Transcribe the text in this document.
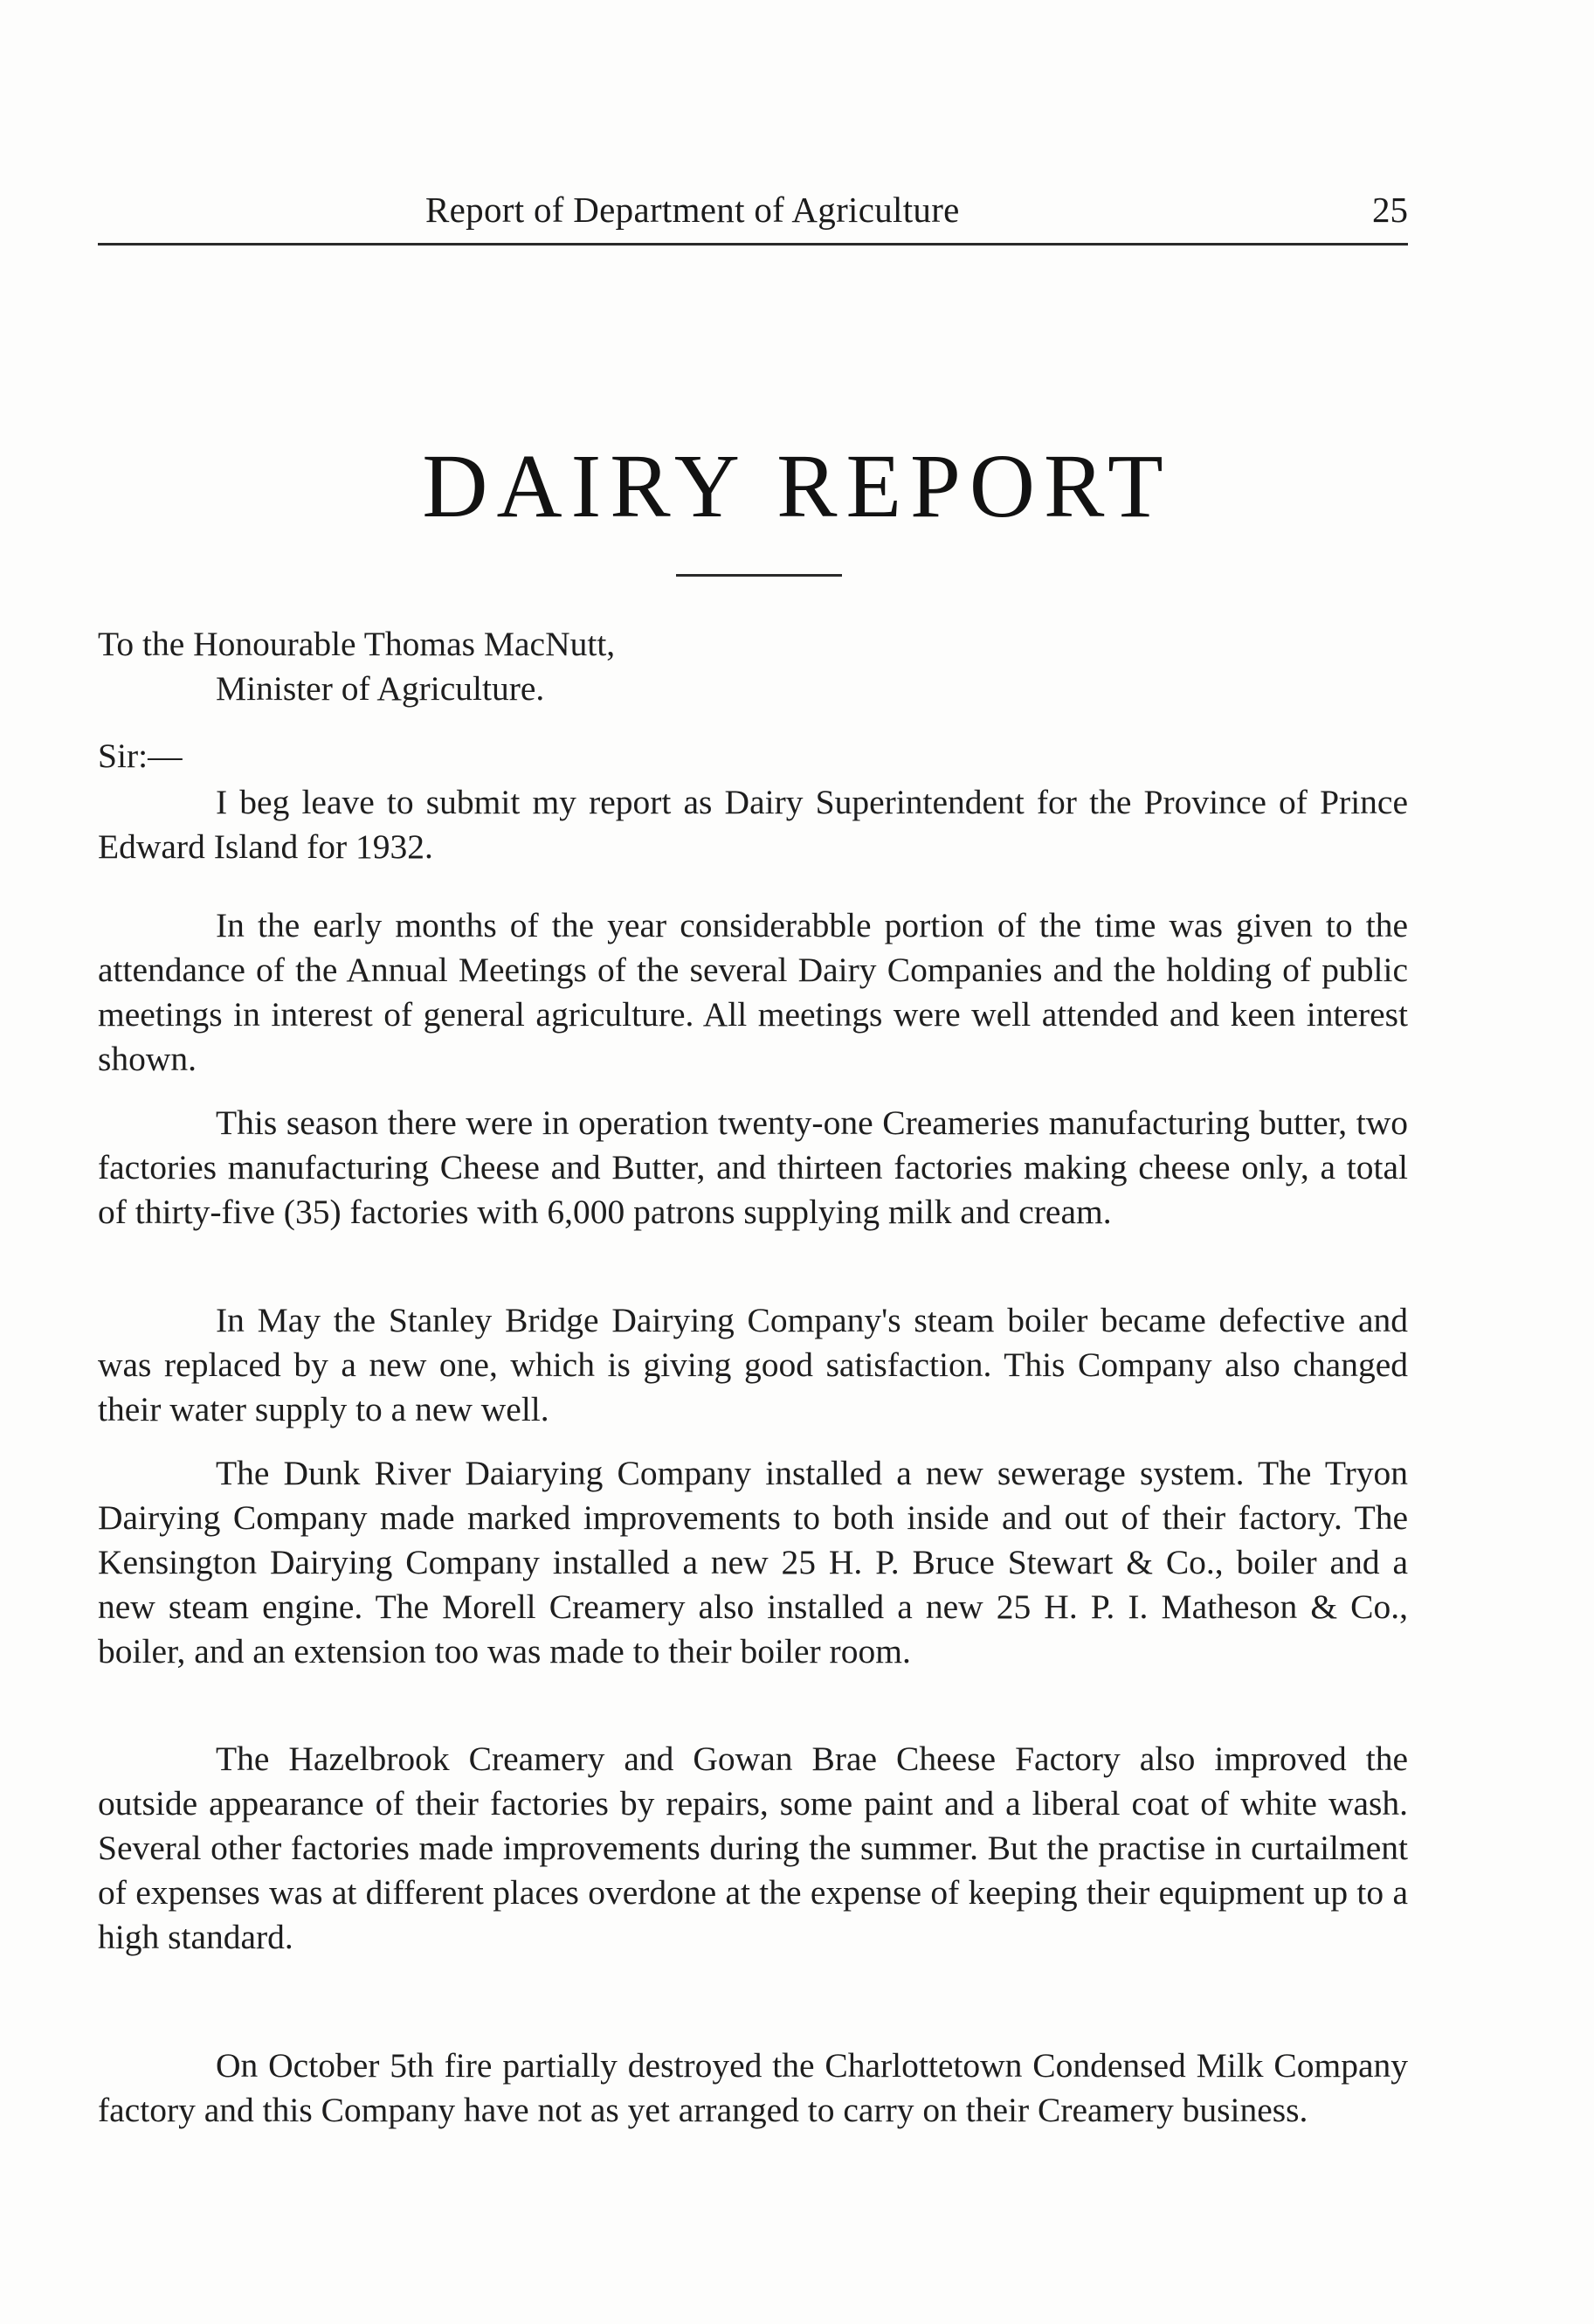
Report of Department of Agriculture	25
DAIRY REPORT
To the Honourable Thomas MacNutt,
Minister of Agriculture.
Sir:—

I beg leave to submit my report as Dairy Superintendent for the Province of Prince Edward Island for 1932.

In the early months of the year considerabble portion of the time was given to the attendance of the Annual Meetings of the several Dairy Companies and the holding of public meetings in interest of general agriculture. All meetings were well attended and keen interest shown.

This season there were in operation twenty-one Creameries manufacturing butter, two factories manufacturing Cheese and Butter, and thirteen factories making cheese only, a total of thirty-five (35) factories with 6,000 patrons supplying milk and cream.

In May the Stanley Bridge Dairying Company's steam boiler became defective and was replaced by a new one, which is giving good satisfaction. This Company also changed their water supply to a new well.

The Dunk River Daiarying Company installed a new sewerage system. The Tryon Dairying Company made marked improvements to both inside and out of their factory. The Kensington Dairying Company installed a new 25 H. P. Bruce Stewart & Co., boiler and a new steam engine. The Morell Creamery also installed a new 25 H. P. I. Matheson & Co., boiler, and an extension too was made to their boiler room.

The Hazelbrook Creamery and Gowan Brae Cheese Factory also improved the outside appearance of their factories by repairs, some paint and a liberal coat of white wash. Several other factories made improvements during the summer. But the practise in curtailment of expenses was at different places overdone at the expense of keeping their equipment up to a high standard.

On October 5th fire partially destroyed the Charlottetown Condensed Milk Company factory and this Company have not as yet arranged to carry on their Creamery business.
